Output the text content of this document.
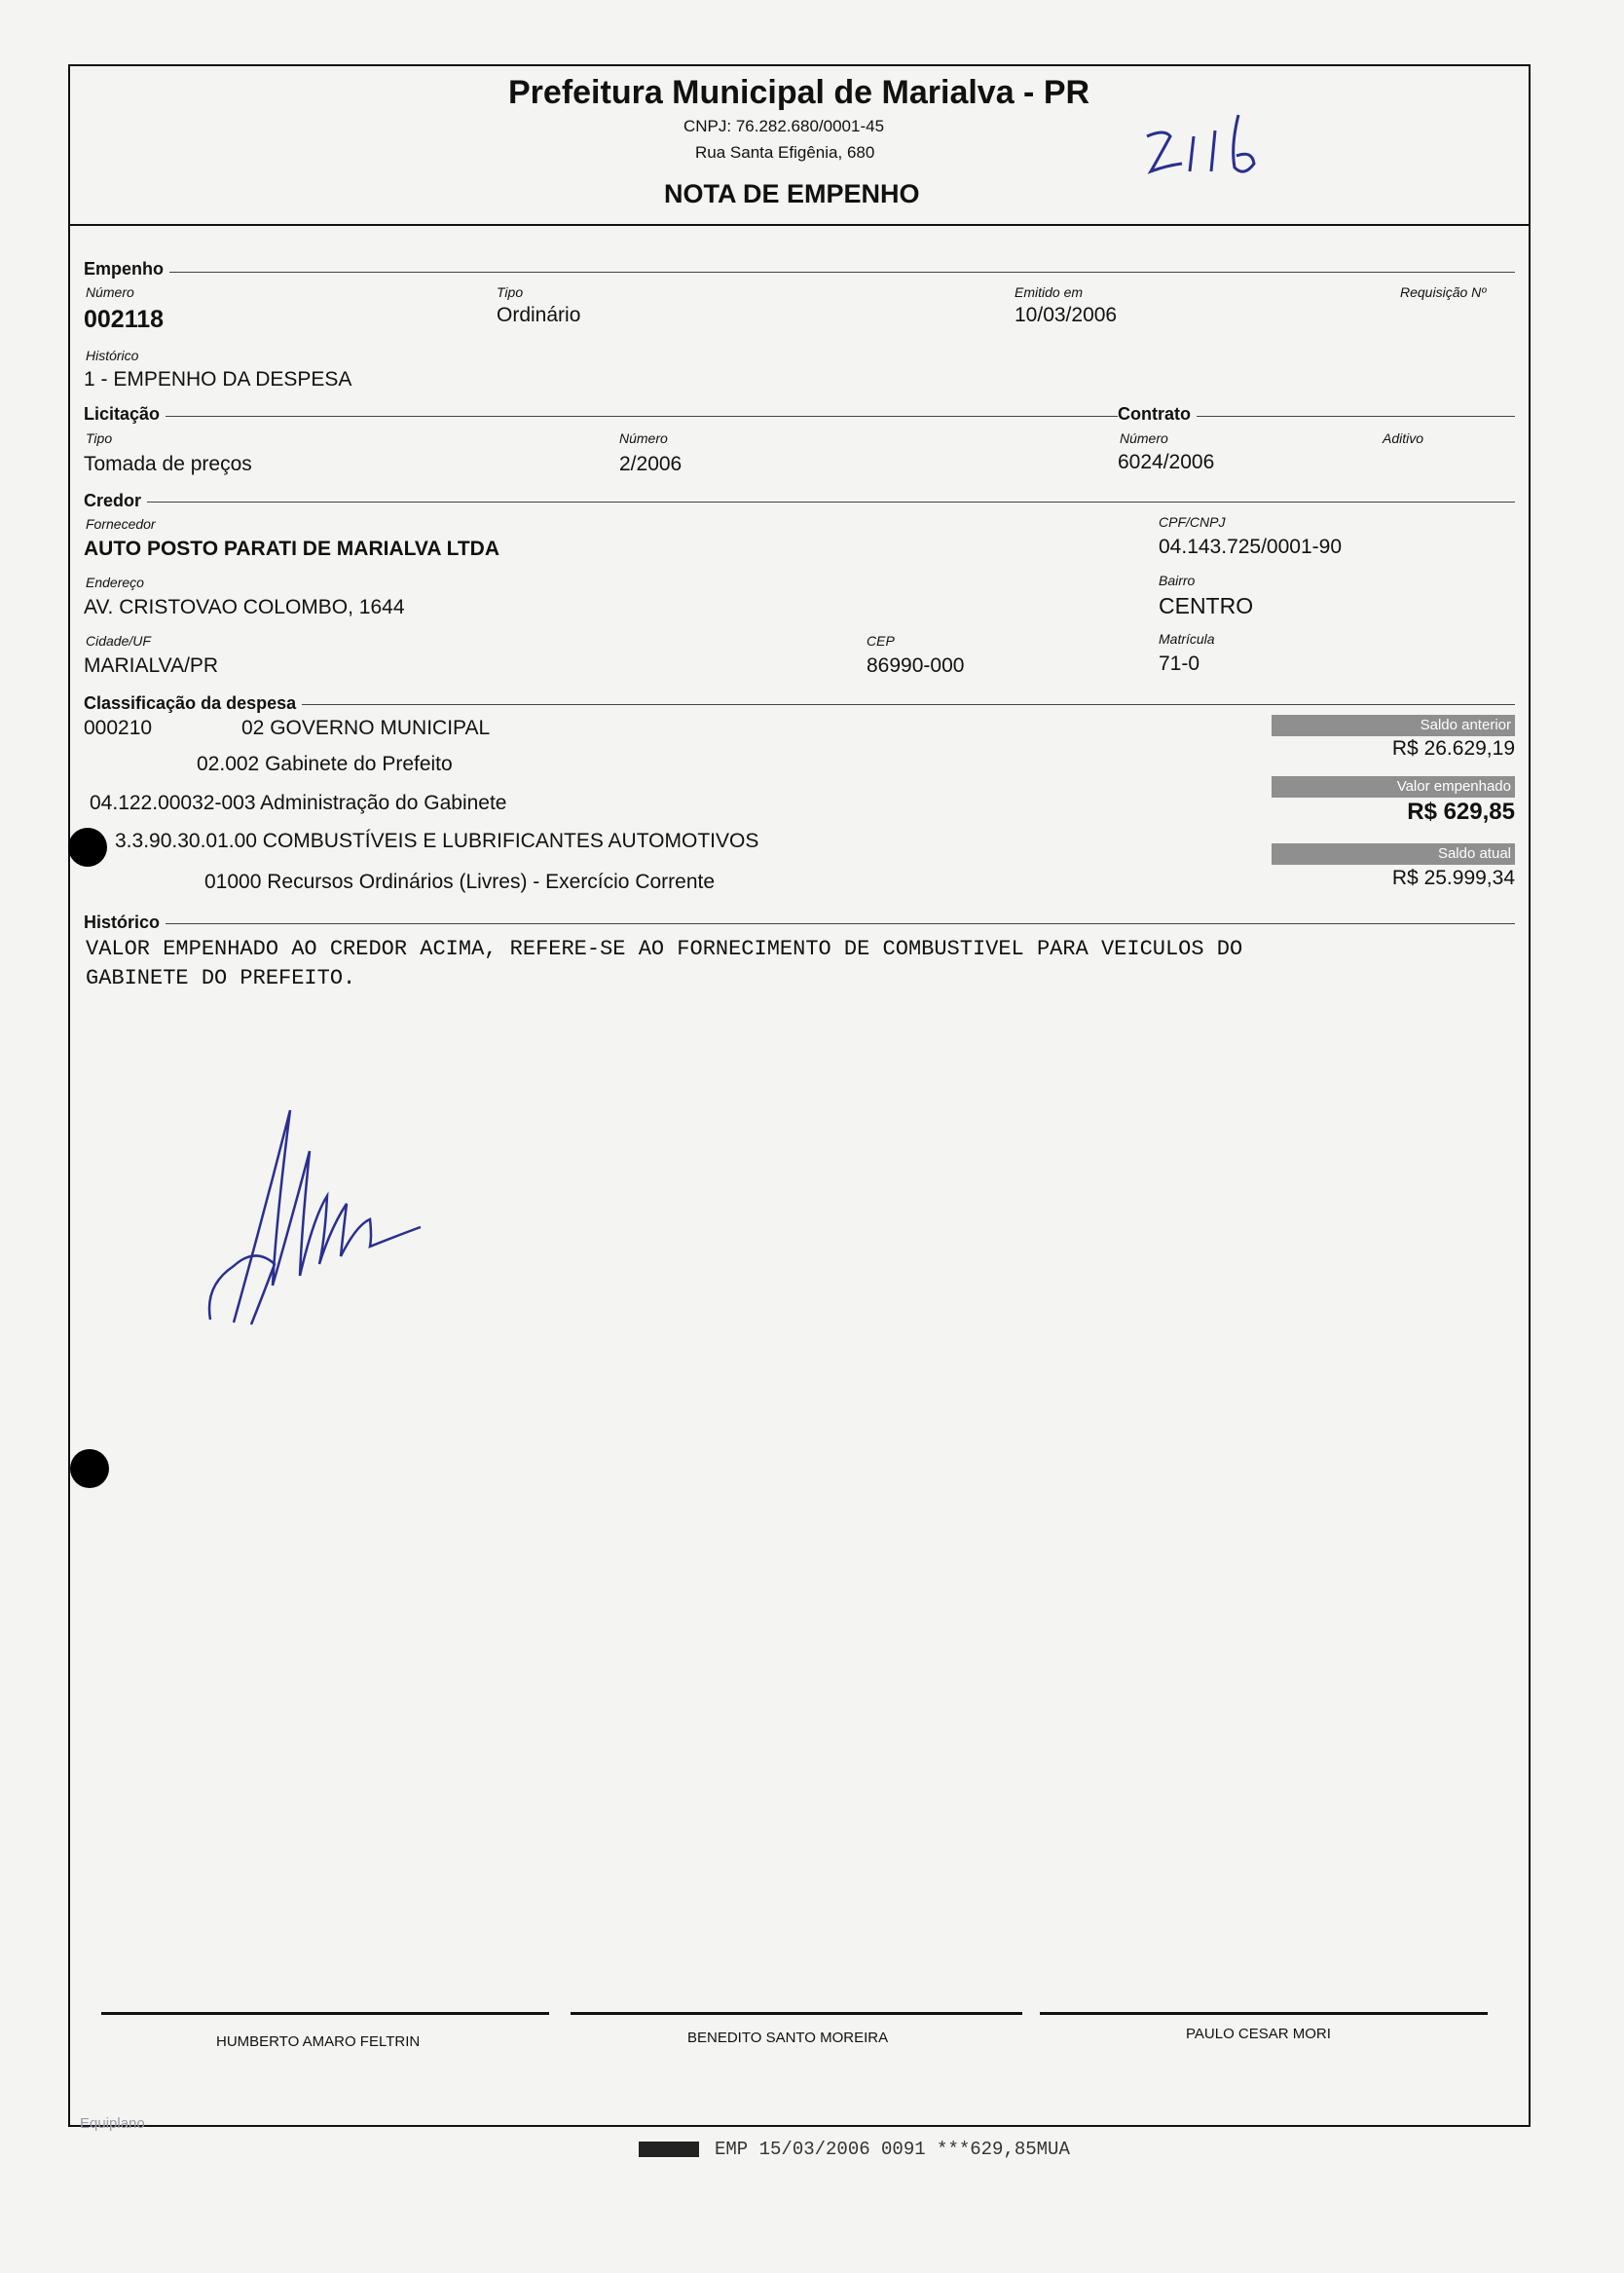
Prefeitura Municipal de Marialva - PR
CNPJ: 76.282.680/0001-45
Rua Santa Efigênia, 680
NOTA DE EMPENHO
Empenho
Número
002118
Tipo
Ordinário
Emitido em
10/03/2006
Requisição Nº
Histórico
1 - EMPENHO DA DESPESA
Licitação	Contrato
Tipo
Tomada de preços
Número
2/2006
Número
6024/2006
Aditivo
Credor
Fornecedor
AUTO POSTO PARATI DE MARIALVA LTDA
CPF/CNPJ
04.143.725/0001-90
Endereço
AV. CRISTOVAO COLOMBO, 1644
Bairro
CENTRO
Cidade/UF
MARIALVA/PR
CEP
86990-000
Matrícula
71-0
Classificação da despesa
000210	02 GOVERNO MUNICIPAL
02.002 Gabinete do Prefeito
04.122.00032-003 Administração do Gabinete
3.3.90.30.01.00 COMBUSTÍVEIS E LUBRIFICANTES AUTOMOTIVOS
01000 Recursos Ordinários (Livres) - Exercício Corrente
Saldo anterior
R$ 26.629,19
Valor empenhado
R$ 629,85
Saldo atual
R$ 25.999,34
Histórico
VALOR EMPENHADO AO CREDOR ACIMA, REFERE-SE AO FORNECIMENTO DE COMBUSTIVEL PARA VEICULOS DO
GABINETE DO PREFEITO.
HUMBERTO AMARO FELTRIN	BENEDITO SANTO MOREIRA	PAULO CESAR MORI
Equiplano
EMP 15/03/2006 0091 ***629,85MUA
